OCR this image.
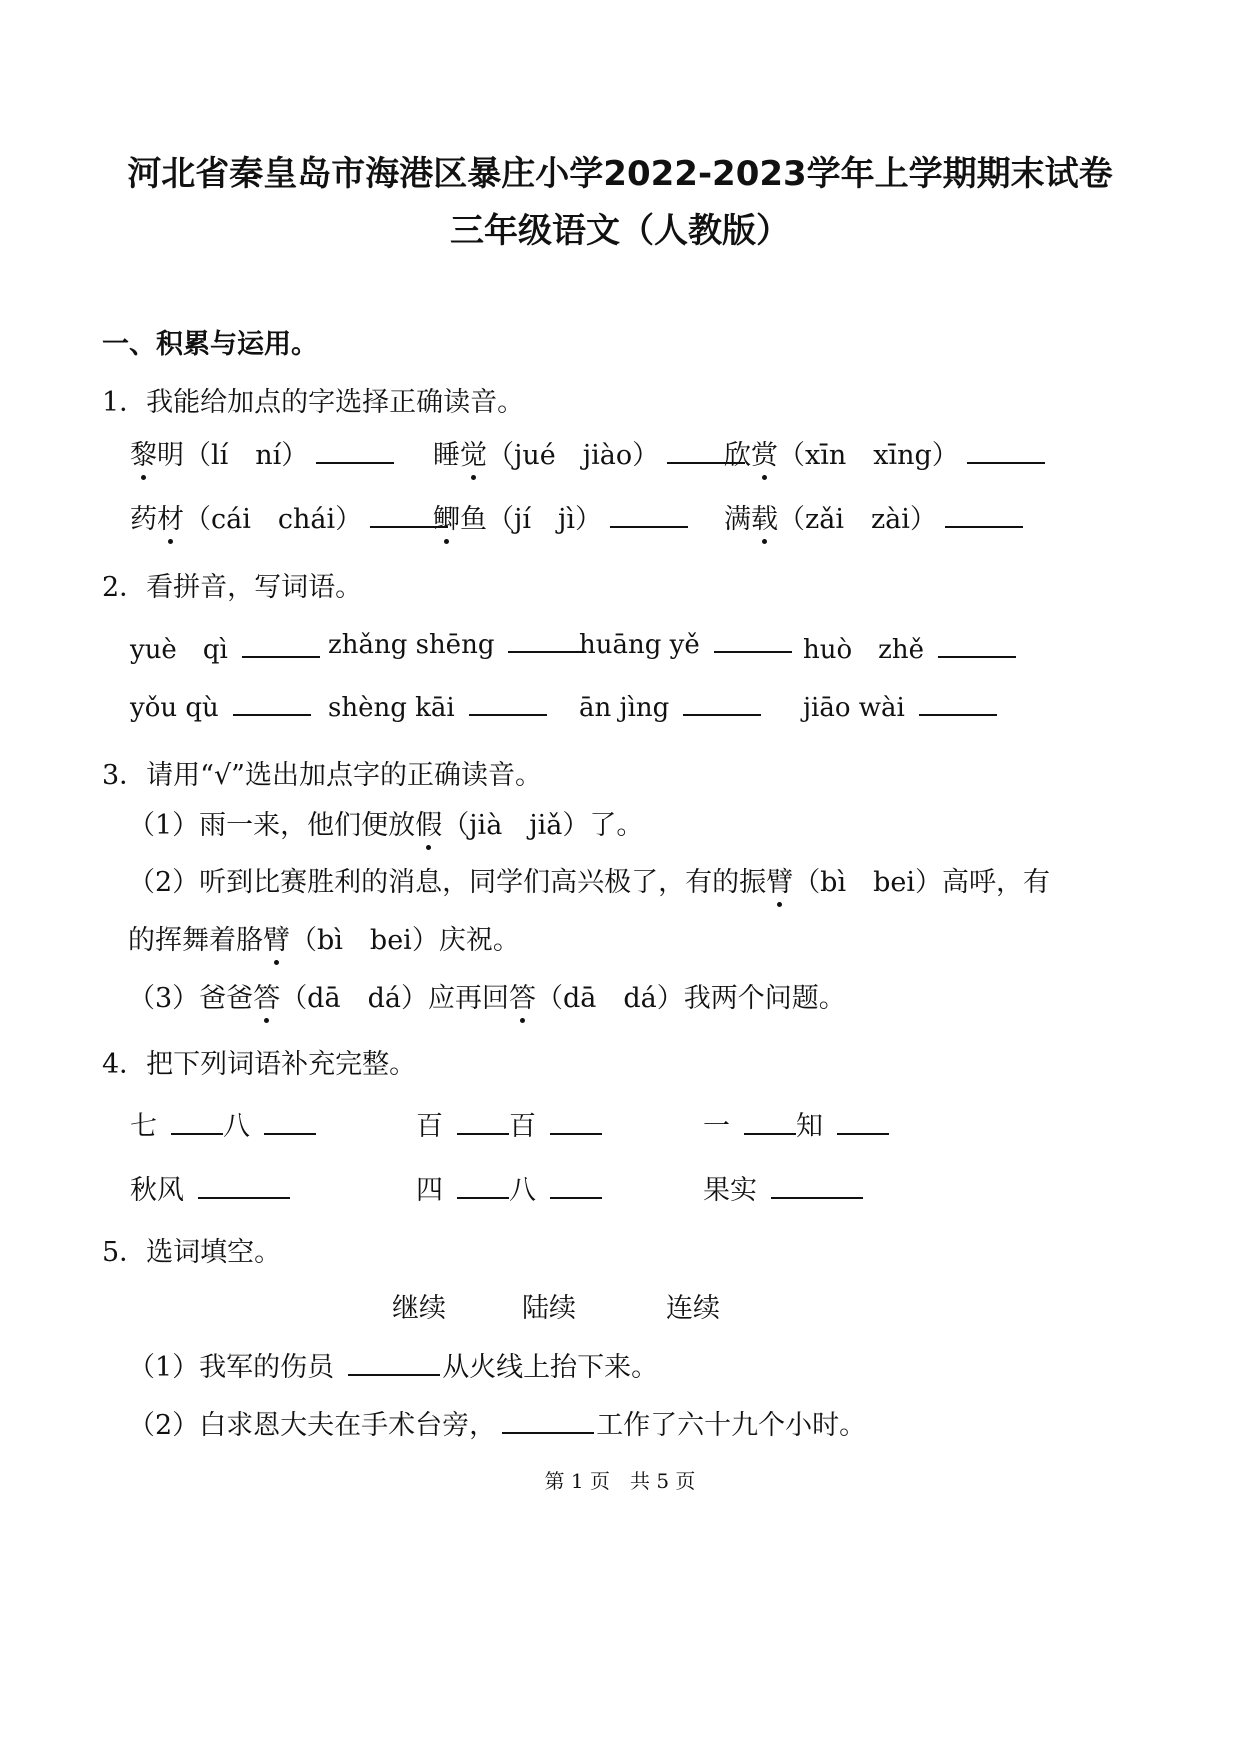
河北省秦皇岛市海港区暴庄小学2022-2023学年上学期期末试卷
三年级语文（人教版）
一、积累与运用。
1．我能给加点的字选择正确读音。
黎明（lí　ní）	睡觉（jué　jiào）	欣赏（xīn　xīng）
药材（cái　chái）	鲫鱼（jí　jì）	满载（zǎi　zài）
2．看拼音，写词语。
yuè　qì	zhǎng shēng	huāng yě	huò　zhě
yǒu qù	shèng kāi	ān jìng	jiāo wài
3．请用“√”选出加点字的正确读音。
（1）雨一来，他们便放假（jià　jiǎ）了。
（2）听到比赛胜利的消息，同学们高兴极了，有的振臂（bì　bei）高呼，有
的挥舞着胳臂（bì　bei）庆祝。
（3）爸爸答（dā　dá）应再回答（dā　dá）我两个问题。
4．把下列词语补充完整。
七 八	百 百	一 知
秋风	四 八	果实
5．选词填空。
继续	陆续	连续
（1）我军的伤员	从火线上抬下来。
（2）白求恩大夫在手术台旁，	工作了六十九个小时。
第 1 页　共 5 页
